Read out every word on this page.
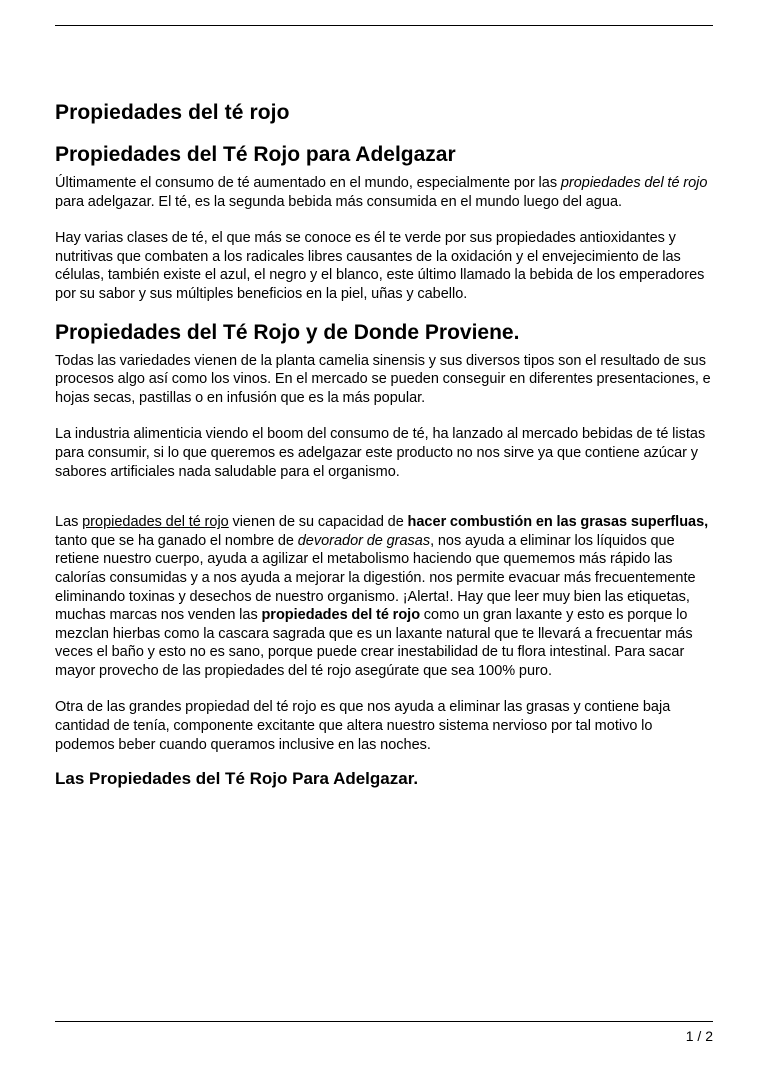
Propiedades del té rojo
Propiedades del Té Rojo para Adelgazar

Últimamente el consumo de té aumentado en el mundo, especialmente por las propiedades del té rojo para adelgazar. El té, es la segunda bebida más consumida en el mundo luego del agua.

Hay varias clases de té, el que más se conoce es él te verde por sus propiedades antioxidantes y nutritivas que combaten a los radicales libres causantes de la oxidación y el envejecimiento de las células, también existe el azul, el negro y el blanco, este último llamado la bebida de los emperadores por su sabor y sus múltiples beneficios en la piel, uñas y cabello.

Propiedades del Té Rojo y de Donde Proviene.

Todas las variedades vienen de la planta camelia sinensis y sus diversos tipos son el resultado de sus procesos algo así como los vinos. En el mercado se pueden conseguir en diferentes presentaciones, e hojas secas, pastillas o en infusión que es la más popular.

La industria alimenticia viendo el boom del consumo de té, ha lanzado al mercado bebidas de té listas para consumir, si lo que queremos es adelgazar este producto no nos sirve ya que contiene azúcar y sabores artificiales nada saludable para el organismo.

Las propiedades del té rojo vienen de su capacidad de hacer combustión en las grasas superfluas, tanto que se ha ganado el nombre de devorador de grasas, nos ayuda a eliminar los líquidos que retiene nuestro cuerpo, ayuda a agilizar el metabolismo haciendo que quememos más rápido las calorías consumidas y a nos ayuda a mejorar la digestión. nos permite evacuar más frecuentemente eliminando toxinas y desechos de nuestro organismo. ¡Alerta!. Hay que leer muy bien las etiquetas, muchas marcas nos venden las propiedades del té rojo como un gran laxante y esto es porque lo mezclan hierbas como la cascara sagrada que es un laxante natural que te llevará a frecuentar más veces el baño y esto no es sano, porque puede crear inestabilidad de tu flora intestinal. Para sacar mayor provecho de las propiedades del té rojo asegúrate que sea 100% puro.

Otra de las grandes propiedad del té rojo es que nos ayuda a eliminar las grasas y contiene baja cantidad de tenía, componente excitante que altera nuestro sistema nervioso por tal motivo lo podemos beber cuando queramos inclusive en las noches.

Las Propiedades del Té Rojo Para Adelgazar.
1 / 2
